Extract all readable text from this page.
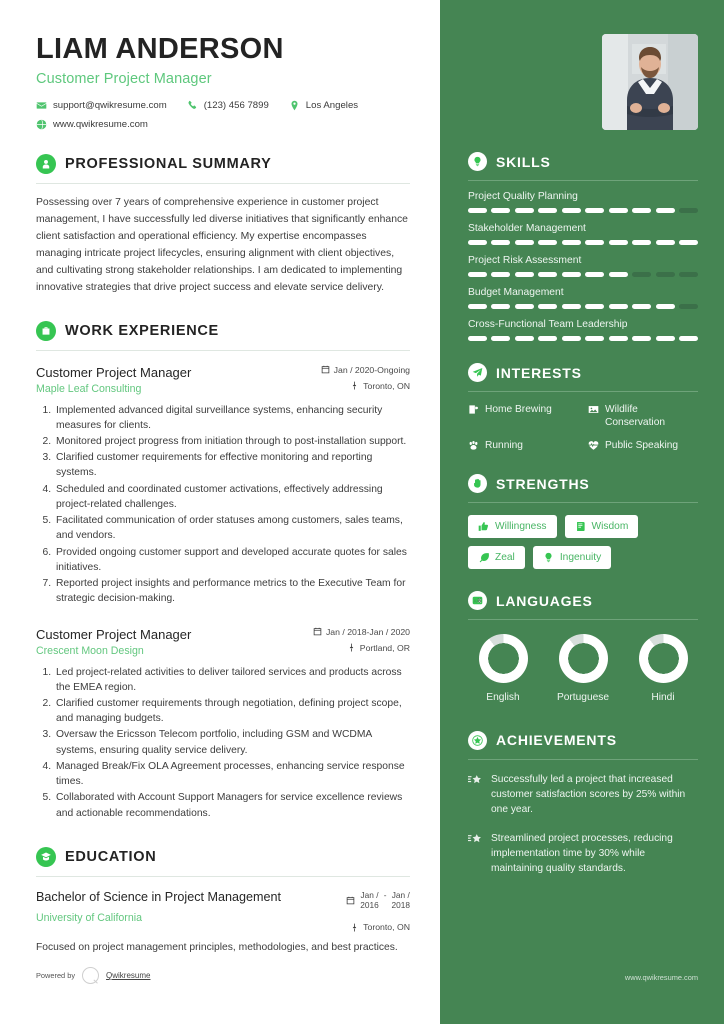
LIAM ANDERSON
Customer Project Manager
support@qwikresume.com	(123) 456 7899	Los Angeles
www.qwikresume.com
PROFESSIONAL SUMMARY

Possessing over 7 years of comprehensive experience in customer project management, I have successfully led diverse initiatives that significantly enhance client satisfaction and operational efficiency. My expertise encompasses managing intricate project lifecycles, ensuring alignment with client objectives, and cultivating strong stakeholder relationships. I am dedicated to implementing innovative strategies that drive project success and elevate service delivery.

WORK EXPERIENCE
Customer Project Manager
Maple Leaf Consulting
Jan / 2020-Ongoing
Toronto, ON
1. Implemented advanced digital surveillance systems, enhancing security measures for clients.
2. Monitored project progress from initiation through to post-installation support.
3. Clarified customer requirements for effective monitoring and reporting systems.
4. Scheduled and coordinated customer activations, effectively addressing project-related challenges.
5. Facilitated communication of order statuses among customers, sales teams, and vendors.
6. Provided ongoing customer support and developed accurate quotes for sales initiatives.
7. Reported project insights and performance metrics to the Executive Team for strategic decision-making.
Customer Project Manager
Crescent Moon Design
Jan / 2018-Jan / 2020
Portland, OR
1. Led project-related activities to deliver tailored services and products across the EMEA region.
2. Clarified customer requirements through negotiation, defining project scope, and managing budgets.
3. Oversaw the Ericsson Telecom portfolio, including GSM and WCDMA systems, ensuring quality service delivery.
4. Managed Break/Fix OLA Agreement processes, enhancing service response times.
5. Collaborated with Account Support Managers for service excellence reviews and actionable recommendations.
EDUCATION
Bachelor of Science in Project Management
University of California
Jan /
2016
- Jan /
2018
Toronto, ON

Focused on project management principles, methodologies, and best practices.

Powered by	Qwikresume
SKILLS
Project Quality Planning
Stakeholder Management
Project Risk Assessment
Budget Management
Cross-Functional Team Leadership
INTERESTS
Home Brewing	Wildlife Conservation
Running	Public Speaking
STRENGTHS
Willingness	Wisdom
Zeal	Ingenuity
A 文 LANGUAGES
English	Portuguese	Hindi
ACHIEVEMENTS

Successfully led a project that increased customer satisfaction scores by 25% within one year.

Streamlined project processes, reducing implementation time by 30% while maintaining quality standards.

www.qwikresume.com
